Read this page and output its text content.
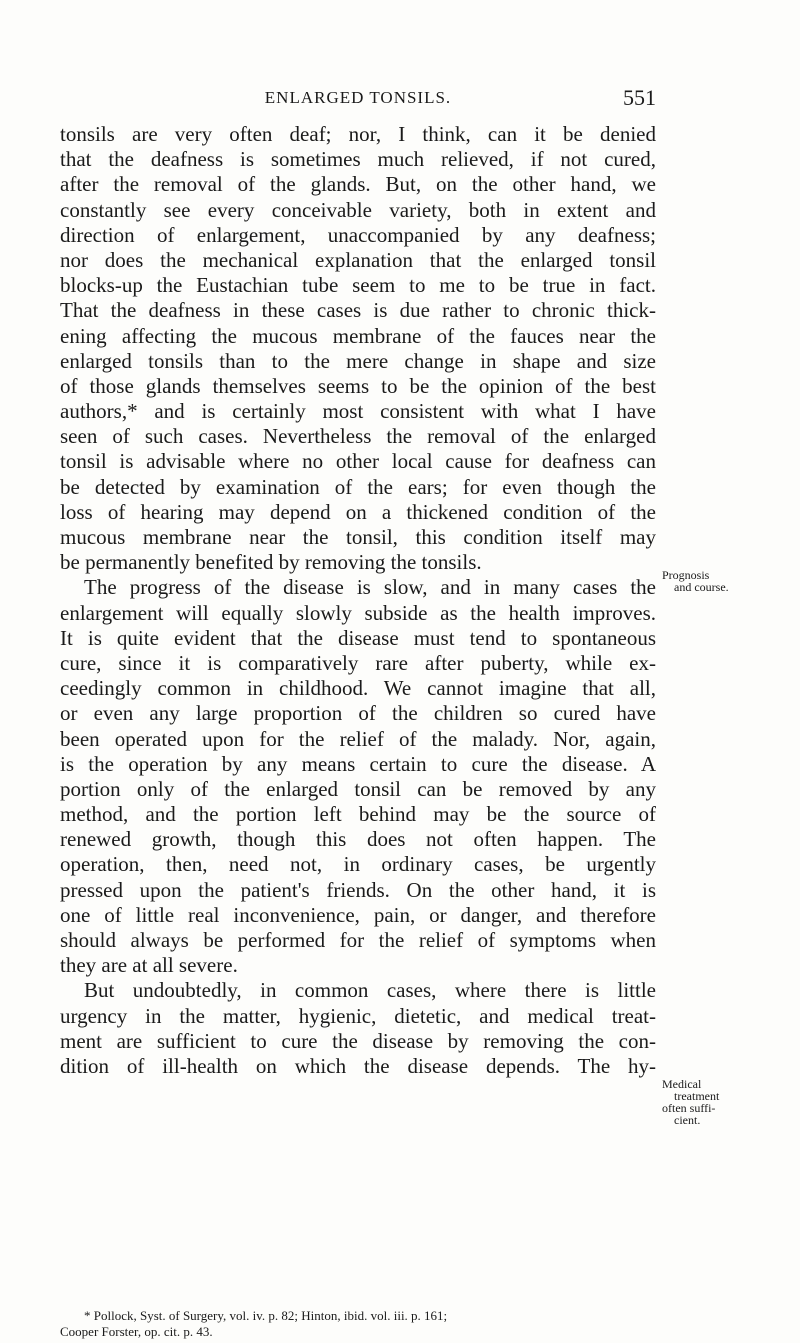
ENLARGED TONSILS.	551
tonsils are very often deaf; nor, I think, can it be denied
that the deafness is sometimes much relieved, if not cured,
after the removal of the glands. But, on the other hand, we
constantly see every conceivable variety, both in extent and
direction of enlargement, unaccompanied by any deafness;
nor does the mechanical explanation that the enlarged tonsil
blocks-up the Eustachian tube seem to me to be true in fact.
That the deafness in these cases is due rather to chronic thick-
ening affecting the mucous membrane of the fauces near the
enlarged tonsils than to the mere change in shape and size
of those glands themselves seems to be the opinion of the best
authors,* and is certainly most consistent with what I have
seen of such cases. Nevertheless the removal of the enlarged
tonsil is advisable where no other local cause for deafness can
be detected by examination of the ears; for even though the
loss of hearing may depend on a thickened condition of the
mucous membrane near the tonsil, this condition itself may
be permanently benefited by removing the tonsils.
The progress of the disease is slow, and in many cases the
enlargement will equally slowly subside as the health improves.
It is quite evident that the disease must tend to spontaneous
cure, since it is comparatively rare after puberty, while ex-
ceedingly common in childhood. We cannot imagine that all,
or even any large proportion of the children so cured have
been operated upon for the relief of the malady. Nor, again,
is the operation by any means certain to cure the disease. A
portion only of the enlarged tonsil can be removed by any
method, and the portion left behind may be the source of
renewed growth, though this does not often happen. The
operation, then, need not, in ordinary cases, be urgently
pressed upon the patient's friends. On the other hand, it is
one of little real inconvenience, pain, or danger, and therefore
should always be performed for the relief of symptoms when
they are at all severe.
But undoubtedly, in common cases, where there is little
urgency in the matter, hygienic, dietetic, and medical treat-
ment are sufficient to cure the disease by removing the con-
dition of ill-health on which the disease depends. The hy-
Prognosis
and course.
Medical
treatment
often suffi-
cient.
* Pollock, Syst. of Surgery, vol. iv. p. 82; Hinton, ibid. vol. iii. p. 161;
Cooper Forster, op. cit. p. 43.
